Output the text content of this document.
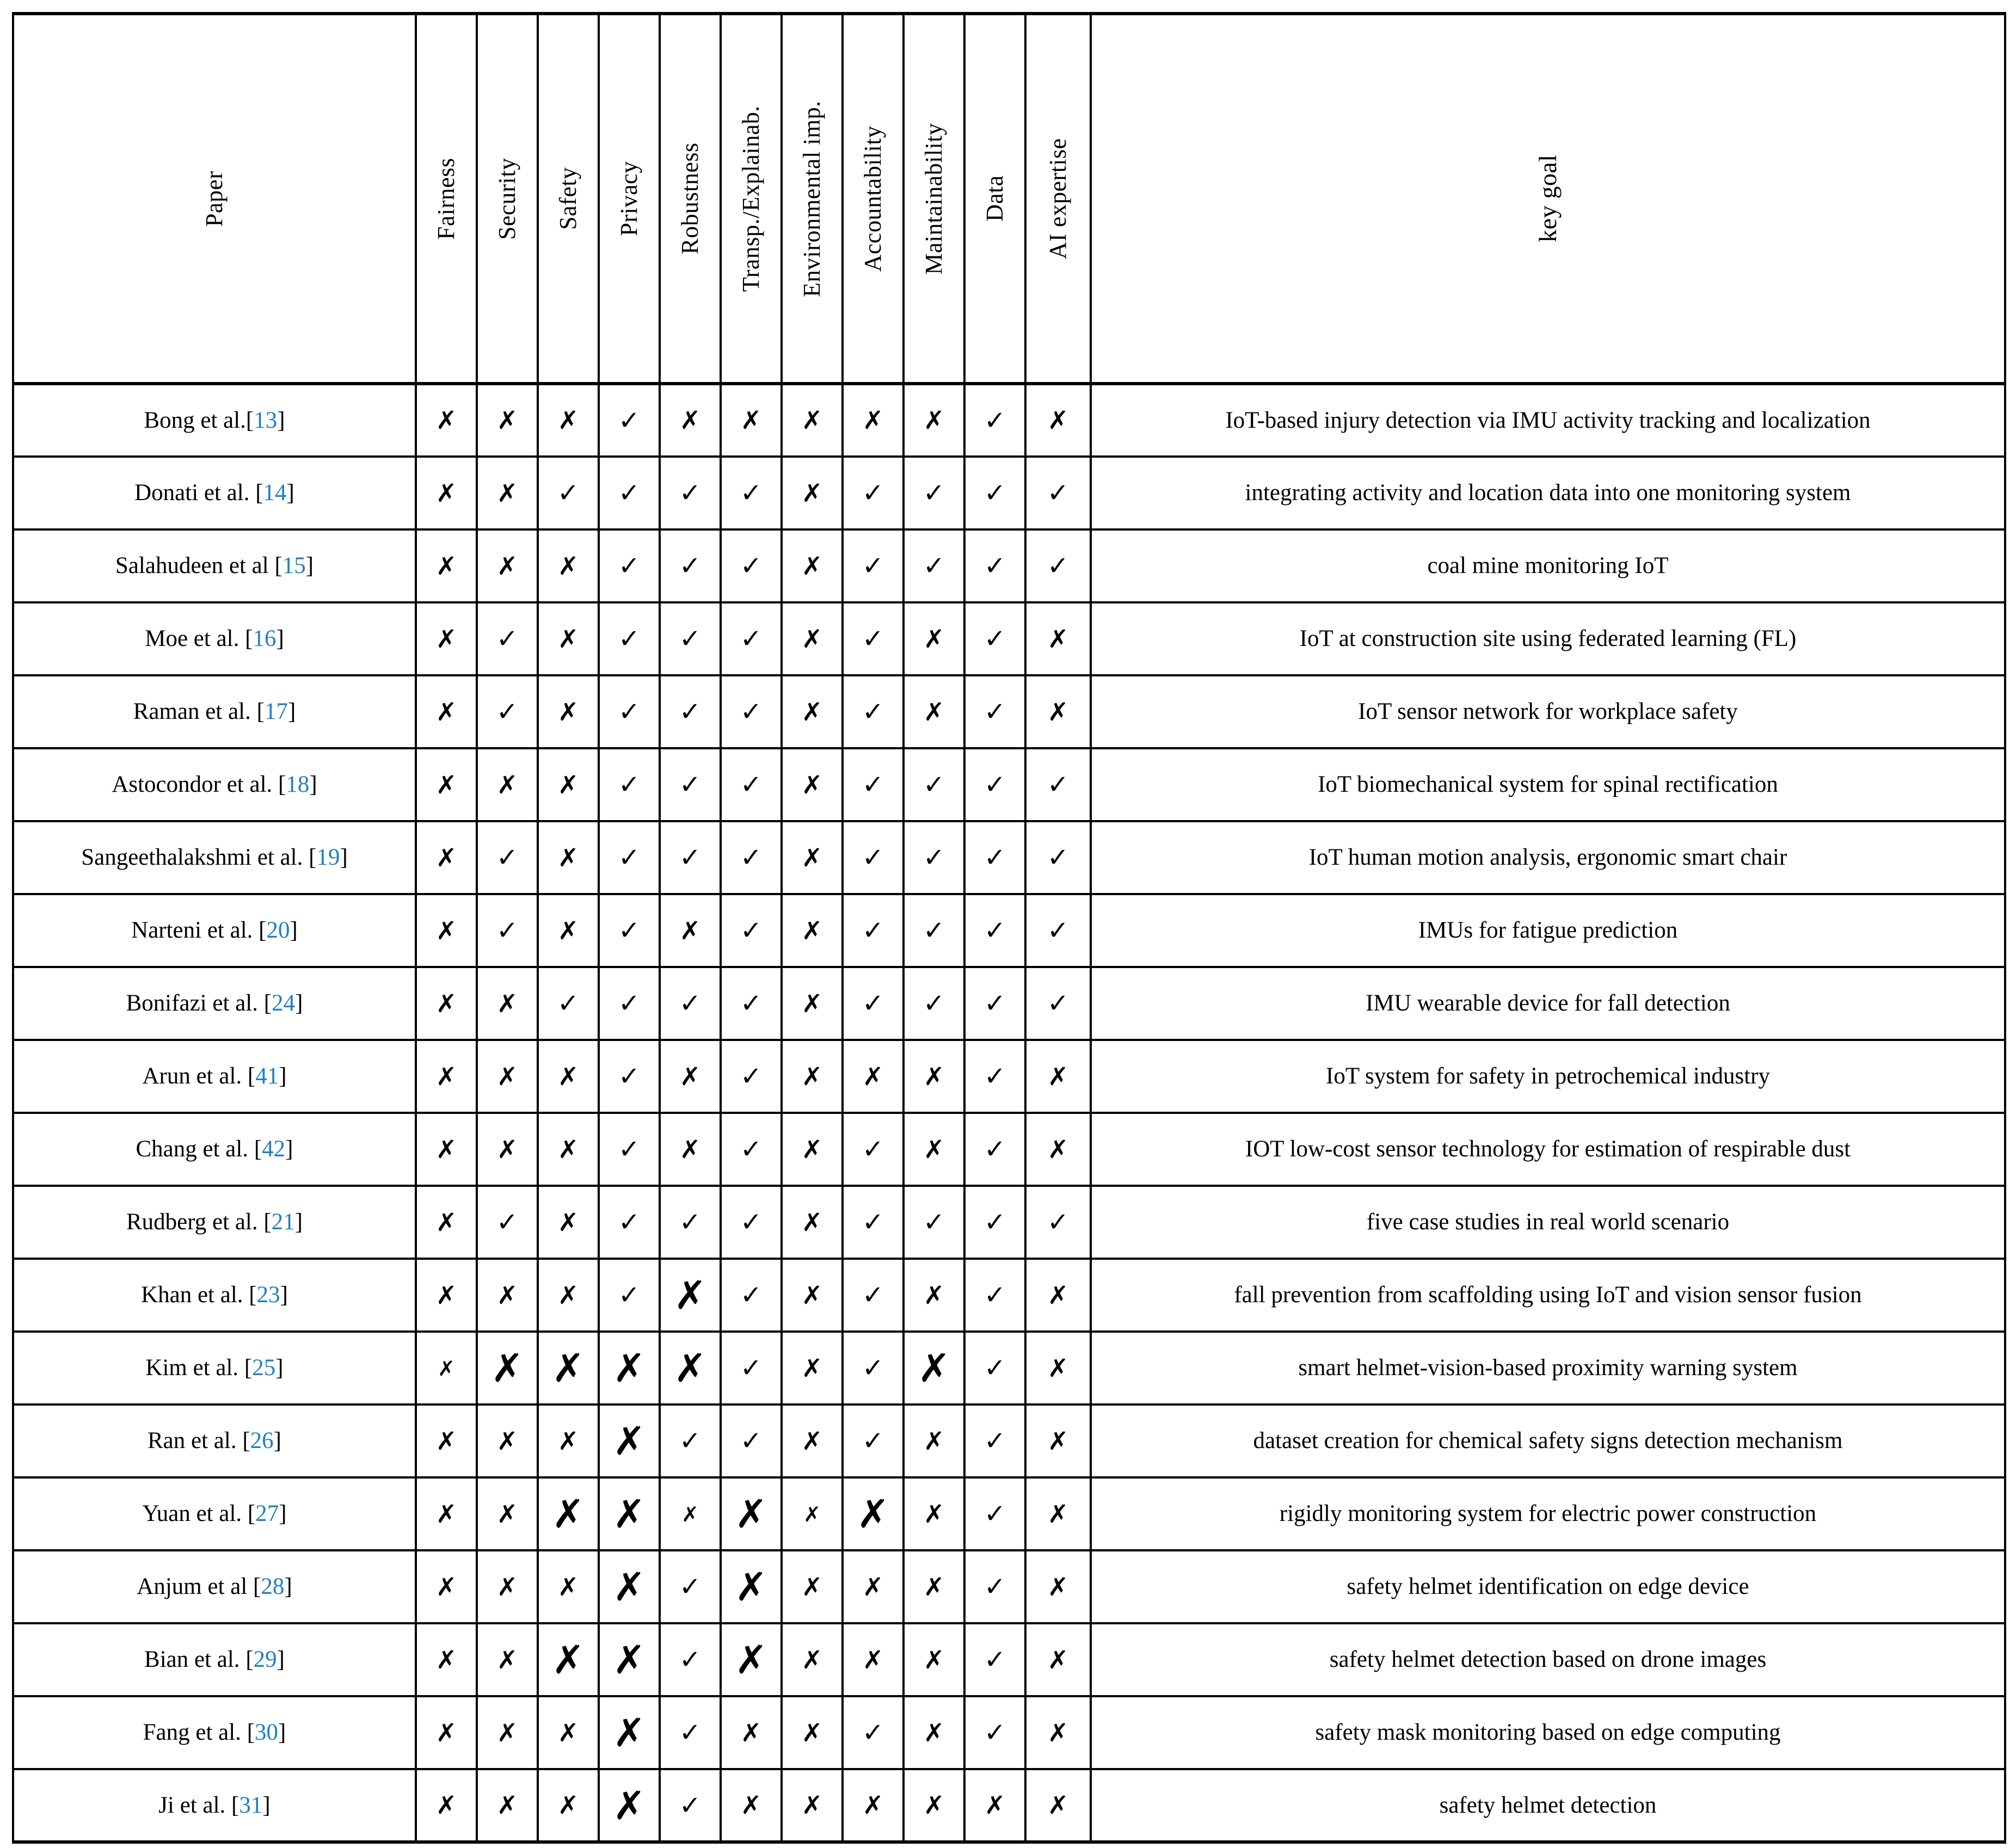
Paper	Fairness	Security	Safety	Privacy	Robustness	Transp./Explainab.	Environmental imp.	Accountability	Maintainability	Data	AI expertise	key goal

Bong et al.[13]	✗	✗	✗	✓	✗	✗	✗	✗	✗	✓	✗	IoT-based injury detection via IMU activity tracking and localization
Donati et al. [14]	✗	✗	✓	✓	✓	✓	✗	✓	✓	✓	✓	integrating activity and location data into one monitoring system
Salahudeen et al [15]	✗	✗	✗	✓	✓	✓	✗	✓	✓	✓	✓	coal mine monitoring IoT
Moe et al. [16]	✗	✓	✗	✓	✓	✓	✗	✓	✗	✓	✗	IoT at construction site using federated learning (FL)
Raman et al. [17]	✗	✓	✗	✓	✓	✓	✗	✓	✗	✓	✗	IoT sensor network for workplace safety
Astocondor et al. [18]	✗	✗	✗	✓	✓	✓	✗	✓	✓	✓	✓	IoT biomechanical system for spinal rectification
Sangeethalakshmi et al. [19]	✗	✓	✗	✓	✓	✓	✗	✓	✓	✓	✓	IoT human motion analysis, ergonomic smart chair
Narteni et al. [20]	✗	✓	✗	✓	✗	✓	✗	✓	✓	✓	✓	IMUs for fatigue prediction
Bonifazi et al. [24]	✗	✗	✓	✓	✓	✓	✗	✓	✓	✓	✓	IMU wearable device for fall detection
Arun et al. [41]	✗	✗	✗	✓	✗	✓	✗	✗	✗	✓	✗	IoT system for safety in petrochemical industry
Chang et al. [42]	✗	✗	✗	✓	✗	✓	✗	✓	✗	✓	✗	IOT low-cost sensor technology for estimation of respirable dust
Rudberg et al. [21]	✗	✓	✗	✓	✓	✓	✗	✓	✓	✓	✓	five case studies in real world scenario
Khan et al. [23]	✗	✗	✗	✓	✗	✓	✗	✓	✗	✓	✗	fall prevention from scaffolding using IoT and vision sensor fusion
Kim et al. [25]	✗	✗	✗	✗	✗	✓	✗	✓	✗	✓	✗	smart helmet-vision-based proximity warning system
Ran et al. [26]	✗	✗	✗	✗	✓	✓	✗	✓	✗	✓	✗	dataset creation for chemical safety signs detection mechanism
Yuan et al. [27]	✗	✗	✗	✗	✗	✗	✗	✗	✗	✓	✗	rigidly monitoring system for electric power construction
Anjum et al [28]	✗	✗	✗	✗	✓	✗	✗	✗	✗	✓	✗	safety helmet identification on edge device
Bian et al. [29]	✗	✗	✗	✗	✓	✗	✗	✗	✗	✓	✗	safety helmet detection based on drone images
Fang et al. [30]	✗	✗	✗	✗	✓	✗	✗	✓	✗	✓	✗	safety mask monitoring based on edge computing
Ji et al. [31]	✗	✗	✗	✗	✓	✗	✗	✗	✗	✗	✗	safety helmet detection
